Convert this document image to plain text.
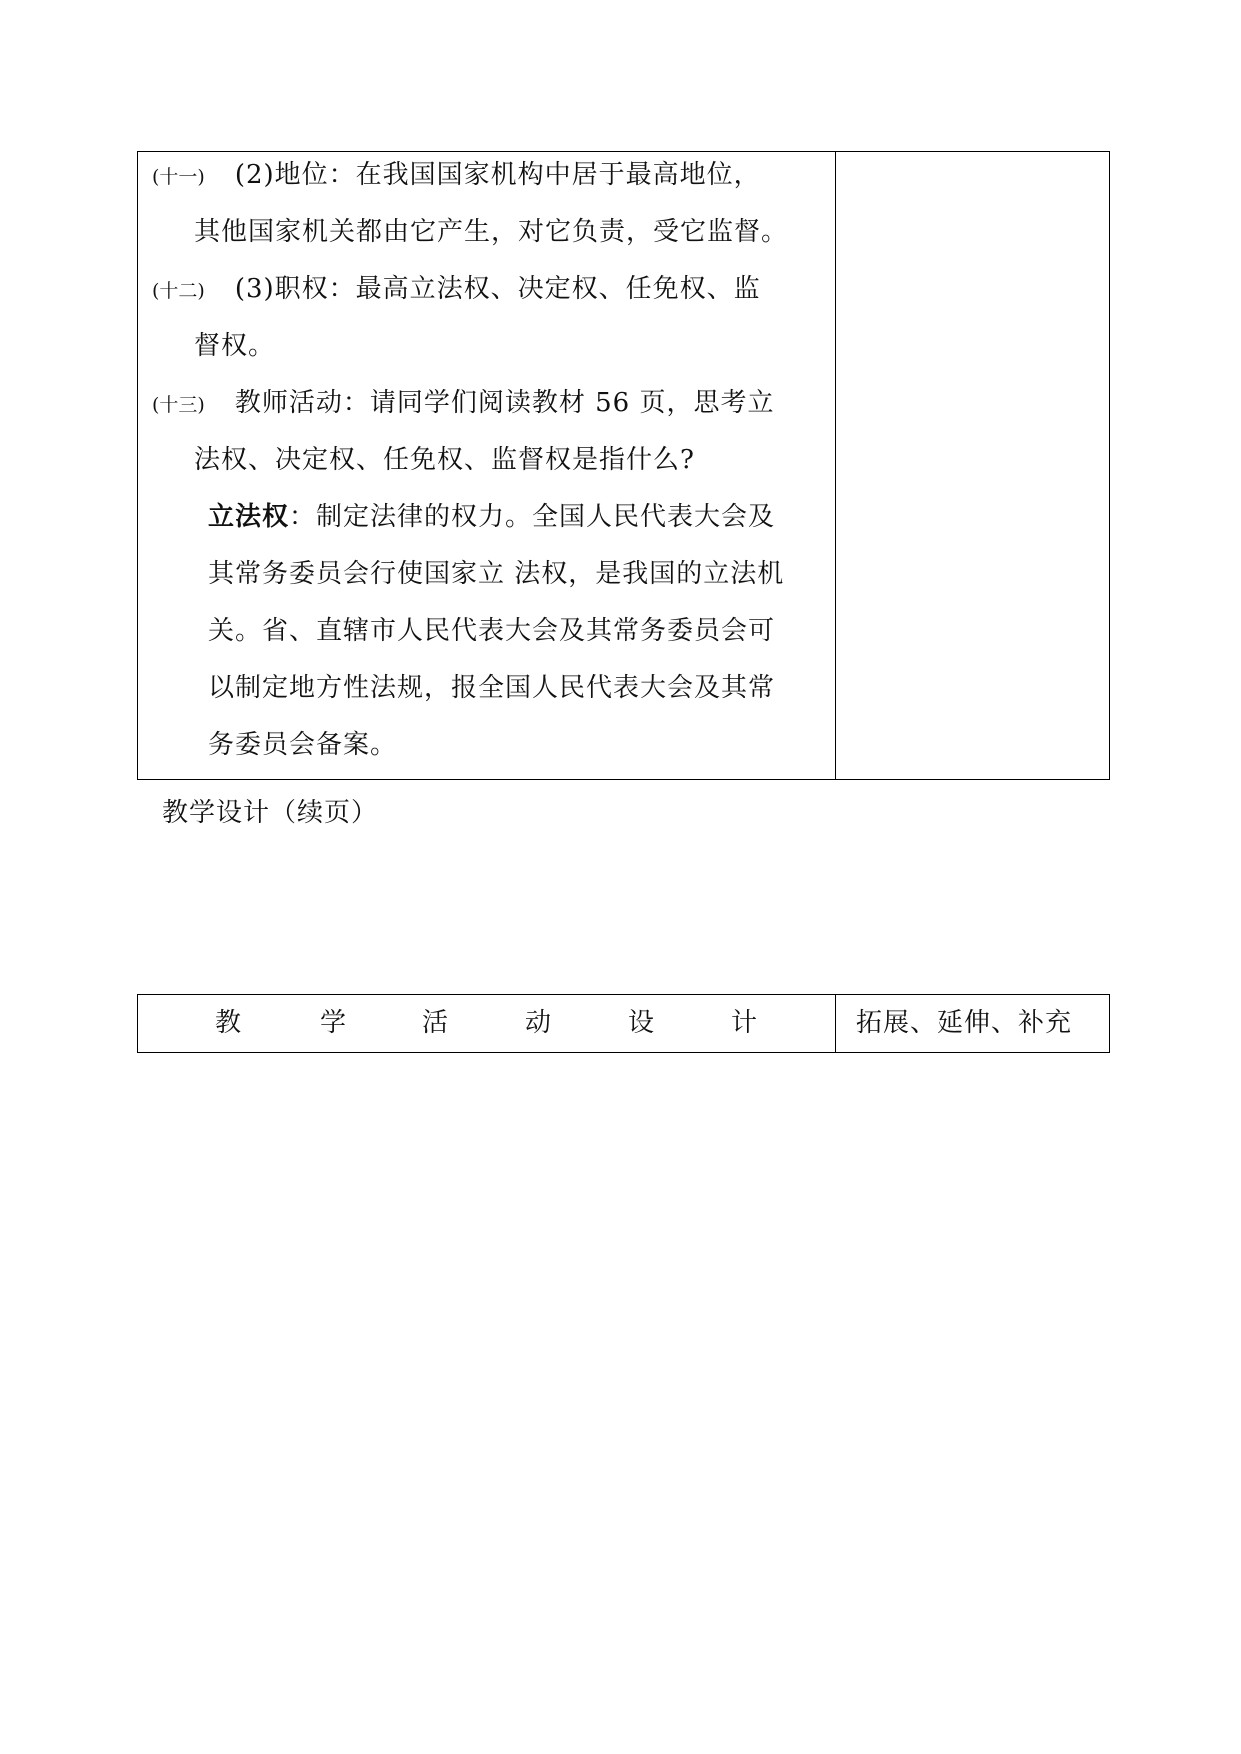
(十一) (2)地位：在我国国家机构中居于最高地位，
其他国家机关都由它产生，对它负责，受它监督。
(十二) (3)职权：最高立法权、决定权、任免权、监
督权。
(十三) 教师活动：请同学们阅读教材 56 页，思考立
法权、决定权、任免权、监督权是指什么?
立法权：制定法律的权力。全国人民代表大会及
其常务委员会行使国家立 法权，是我国的立法机
关。省、直辖市人民代表大会及其常务委员会可
以制定地方性法规，报全国人民代表大会及其常
务委员会备案。
教学设计（续页）
教	学	活	动	设	计	拓展、延伸、补充
